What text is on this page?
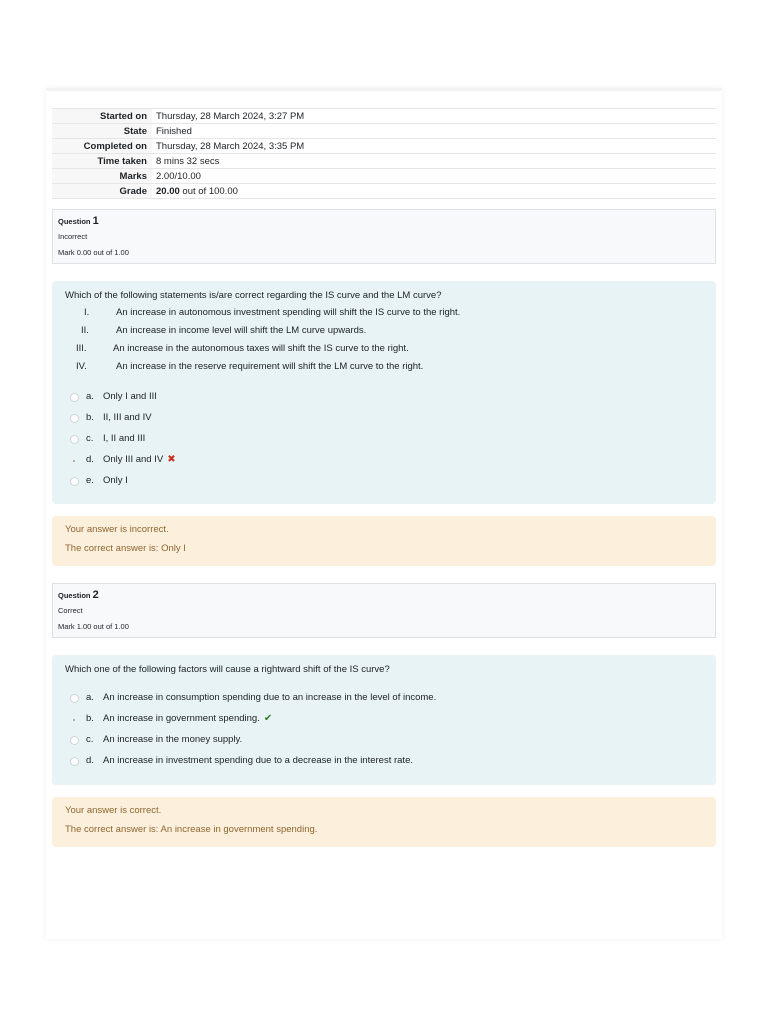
Started on	Thursday, 28 March 2024, 3:27 PM
State	Finished
Completed on	Thursday, 28 March 2024, 3:35 PM
Time taken	8 mins 32 secs
Marks	2.00/10.00
Grade	20.00 out of 100.00
Question 1
Incorrect
Mark 0.00 out of 1.00
Which of the following statements is/are correct regarding the IS curve and the LM curve?
I.	An increase in autonomous investment spending will shift the IS curve to the right.
II.	An increase in income level will shift the LM curve upwards.
III.	An increase in the autonomous taxes will shift the IS curve to the right.
IV.	An increase in the reserve requirement will shift the LM curve to the right.
a. Only I and III
b. II, III and IV
c. I, II and III
d. Only III and IV ✖
e. Only I
Your answer is incorrect.
The correct answer is: Only I
Question 2
Correct
Mark 1.00 out of 1.00
Which one of the following factors will cause a rightward shift of the IS curve?
a. An increase in consumption spending due to an increase in the level of income.
b. An increase in government spending. ✔
c. An increase in the money supply.
d. An increase in investment spending due to a decrease in the interest rate.
Your answer is correct.
The correct answer is: An increase in government spending.
